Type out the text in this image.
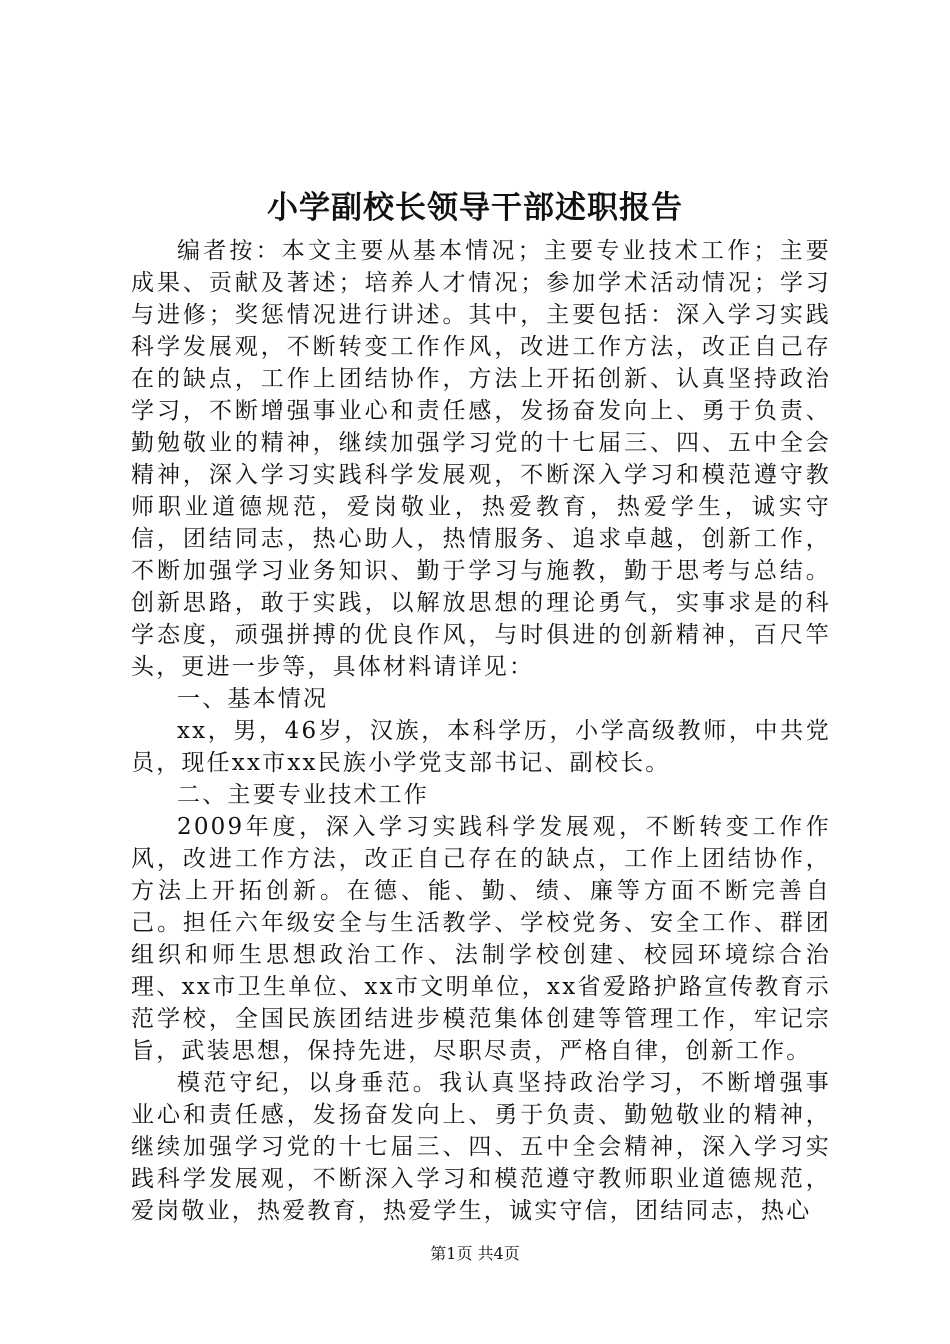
小学副校长领导干部述职报告

编者按：本文主要从基本情况；主要专业技术工作；主要成果、贡献及著述；培养人才情况；参加学术活动情况；学习与进修；奖惩情况进行讲述。其中，主要包括：深入学习实践科学发展观，不断转变工作作风，改进工作方法，改正自己存在的缺点，工作上团结协作，方法上开拓创新、认真坚持政治学习，不断增强事业心和责任感，发扬奋发向上、勇于负责、勤勉敬业的精神，继续加强学习党的十七届三、四、五中全会精神，深入学习实践科学发展观，不断深入学习和模范遵守教师职业道德规范，爱岗敬业，热爱教育，热爱学生，诚实守信，团结同志，热心助人，热情服务、追求卓越，创新工作，不断加强学习业务知识、勤于学习与施教，勤于思考与总结。创新思路，敢于实践，以解放思想的理论勇气，实事求是的科学态度，顽强拼搏的优良作风，与时俱进的创新精神，百尺竿头，更进一步等，具体材料请详见：

一、基本情况

xx，男，46岁，汉族，本科学历，小学高级教师，中共党员，现任xx市xx民族小学党支部书记、副校长。

二、主要专业技术工作

2009年度，深入学习实践科学发展观，不断转变工作作风，改进工作方法，改正自己存在的缺点，工作上团结协作，方法上开拓创新。在德、能、勤、绩、廉等方面不断完善自己。担任六年级安全与生活教学、学校党务、安全工作、群团组织和师生思想政治工作、法制学校创建、校园环境综合治理、xx市卫生单位、xx市文明单位，xx省爱路护路宣传教育示范学校，全国民族团结进步模范集体创建等管理工作，牢记宗旨，武装思想，保持先进，尽职尽责，严格自律，创新工作。

模范守纪，以身垂范。我认真坚持政治学习，不断增强事业心和责任感，发扬奋发向上、勇于负责、勤勉敬业的精神，继续加强学习党的十七届三、四、五中全会精神，深入学习实践科学发展观，不断深入学习和模范遵守教师职业道德规范，爱岗敬业，热爱教育，热爱学生，诚实守信，团结同志，热心

第1页 共4页
